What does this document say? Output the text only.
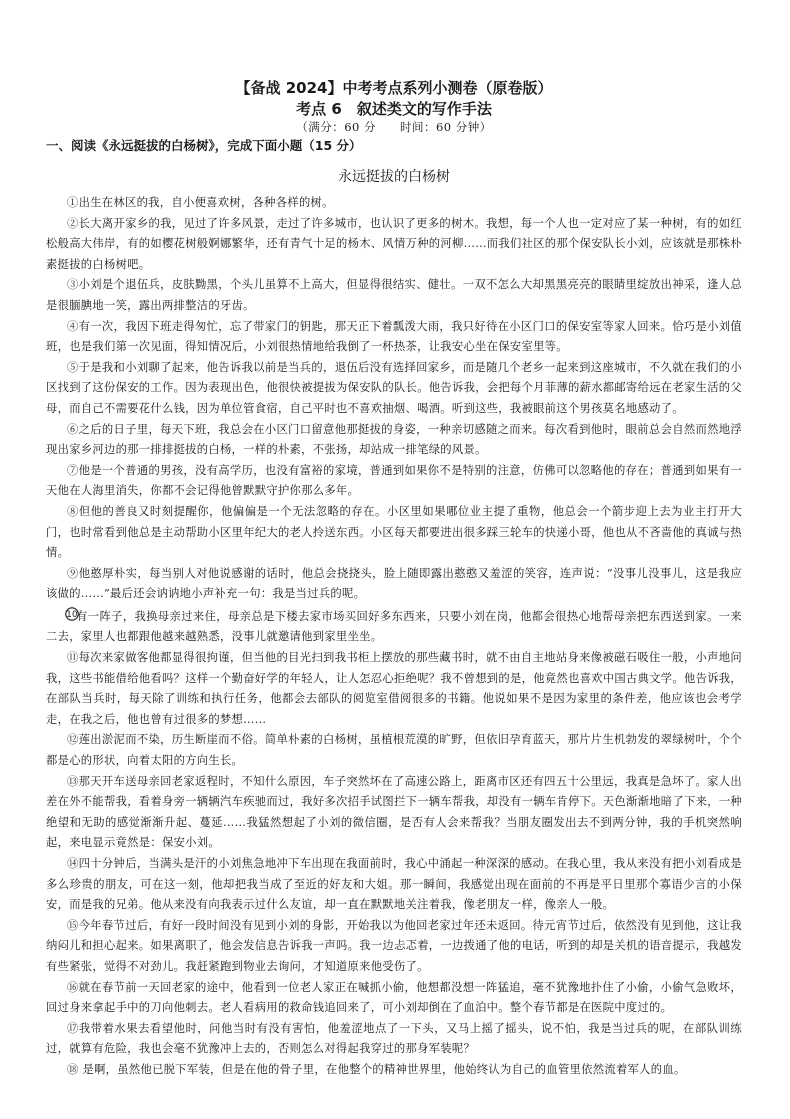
【备战 2024】中考考点系列小测卷（原卷版）

考点 6　叙述类文的写作手法

（满分：60 分　　时间：60 分钟）
一、阅读《永远挺拔的白杨树》，完成下面小题（15 分）
永远挺拔的白杨树

①出生在林区的我，自小便喜欢树，各种各样的树。

②长大离开家乡的我，见过了许多风景，走过了许多城市，也认识了更多的树木。我想，每一个人也一定对应了某一种树，有的如红松般高大伟岸，有的如樱花树般婀娜繁华，还有青气十足的杨木、风情万种的河柳……而我们社区的那个保安队长小刘，应该就是那株朴素挺拔的白杨树吧。

③小刘是个退伍兵，皮肤黝黑，个头儿虽算不上高大，但显得很结实、健壮。一双不怎么大却黑黑亮亮的眼睛里绽放出神采，逢人总是很腼腆地一笑，露出两排整洁的牙齿。

④有一次，我因下班走得匆忙，忘了带家门的钥匙，那天正下着瓢泼大雨，我只好待在小区门口的保安室等家人回来。恰巧是小刘值班，也是我们第一次见面，得知情况后，小刘很热情地给我倒了一杯热茶，让我安心坐在保安室里等。

⑤于是我和小刘聊了起来，他告诉我以前是当兵的，退伍后没有选择回家乡，而是随几个老乡一起来到这座城市，不久就在我们的小区找到了这份保安的工作。因为表现出色，他很快被提拔为保安队的队长。他告诉我，会把每个月菲薄的薪水都邮寄给远在老家生活的父母，而自己不需要花什么钱，因为单位管食宿，自己平时也不喜欢抽烟、喝酒。听到这些，我被眼前这个男孩莫名地感动了。

⑥之后的日子里，每天下班，我总会在小区门口留意他那挺拔的身姿，一种亲切感随之而来。每次看到他时，眼前总会自然而然地浮现出家乡河边的那一排排挺拔的白杨，一样的朴素，不张扬，却站成一排笔绿的风景。

⑦他是一个普通的男孩，没有高学历，也没有富裕的家境，普通到如果你不是特别的注意，仿佛可以忽略他的存在；普通到如果有一天他在人海里消失，你都不会记得他曾默默守护你那么多年。

⑧但他的善良又时刻提醒你，他偏偏是一个无法忽略的存在。小区里如果哪位业主提了重物，他总会一个箭步迎上去为业主打开大门，也时常看到他总是主动帮助小区里年纪大的老人拎送东西。小区每天都要进出很多踩三轮车的快递小哥，他也从不吝啬他的真诚与热情。

⑨他憨厚朴实，每当别人对他说感谢的话时，他总会挠挠头，脸上随即露出憨憨又羞涩的笑容，连声说：“没事儿没事儿，这是我应该做的……”最后还会讷讷地小声补充一句：我是当过兵的呢。

10
有一阵子，我换母亲过来住，母亲总是下楼去家市场买回好多东西来，只要小刘在岗，他都会很热心地帮母亲把东西送到家。一来二去，家里人也都跟他越来越熟悉，没事儿就邀请他到家里坐坐。

⑪每次来家做客他都显得很拘谨，但当他的目光扫到我书柜上摆放的那些藏书时，就不由自主地站身来像被磁石吸住一般，小声地问我，这些书能借给他看吗？这样一个勤奋好学的年轻人，让人怎忍心拒绝呢？我不曾想到的是，他竟然也喜欢中国古典文学。他告诉我，在部队当兵时，每天除了训练和执行任务，他都会去部队的阅览室借阅很多的书籍。他说如果不是因为家里的条件差，他应该也会考学走，在我之后，他也曾有过很多的梦想……

⑫莲出淤泥而不染，历生断崖而不俗。简单朴素的白杨树，虽植根荒漠的旷野，但依旧孕育蓝天，那片片生机勃发的翠绿树叶，个个都是心的形状，向着太阳的方向生长。

⑬那天开车送母亲回老家返程时，不知什么原因，车子突然坏在了高速公路上，距离市区还有四五十公里远，我真是急坏了。家人出差在外不能帮我，看着身旁一辆辆汽车疾驰而过，我好多次招手试图拦下一辆车帮我，却没有一辆车肯停下。天色渐渐地暗了下来，一种绝望和无助的感觉渐渐升起、蔓延……我猛然想起了小刘的微信圈，是否有人会来帮我？当朋友圈发出去不到两分钟，我的手机突然响起，来电显示竟然是：保安小刘。

⑭四十分钟后，当满头是汗的小刘焦急地冲下车出现在我面前时，我心中涌起一种深深的感动。在我心里，我从来没有把小刘看成是多么珍贵的朋友，可在这一刻，他却把我当成了至近的好友和大姐。那一瞬间，我感觉出现在面前的不再是平日里那个寡语少言的小保安，而是我的兄弟。他从来没有向我表示过什么友谊，却一直在默默地关注着我，像老朋友一样，像亲人一般。

⑮今年春节过后，有好一段时间没有见到小刘的身影，开始我以为他回老家过年还未返回。待元宵节过后，依然没有见到他，这让我纳闷儿和担心起来。如果离职了，他会发信息告诉我一声吗。我一边忐忑着，一边拨通了他的电话，听到的却是关机的语音提示，我越发有些紧张，觉得不对劲儿。我赶紧跑到物业去询问，才知道原来他受伤了。

⑯就在春节前一天回老家的途中，他看到一位老人家正在喊抓小偷，他想都没想一阵猛追，毫不犹豫地扑住了小偷，小偷气急败坏，回过身来拿起手中的刀向他刺去。老人看病用的救命钱追回来了，可小刘却倒在了血泊中。整个春节都是在医院中度过的。

⑰我带着水果去看望他时，问他当时有没有害怕，他羞涩地点了一下头，又马上摇了摇头，说不怕，我是当过兵的呢，在部队训练过，就算有危险，我也会毫不犹豫冲上去的，否则怎么对得起我穿过的那身军装呢？

⑱ 是啊，虽然他已脱下军装，但是在他的骨子里，在他整个的精神世界里，他始终认为自己的血管里依然流着军人的血。
